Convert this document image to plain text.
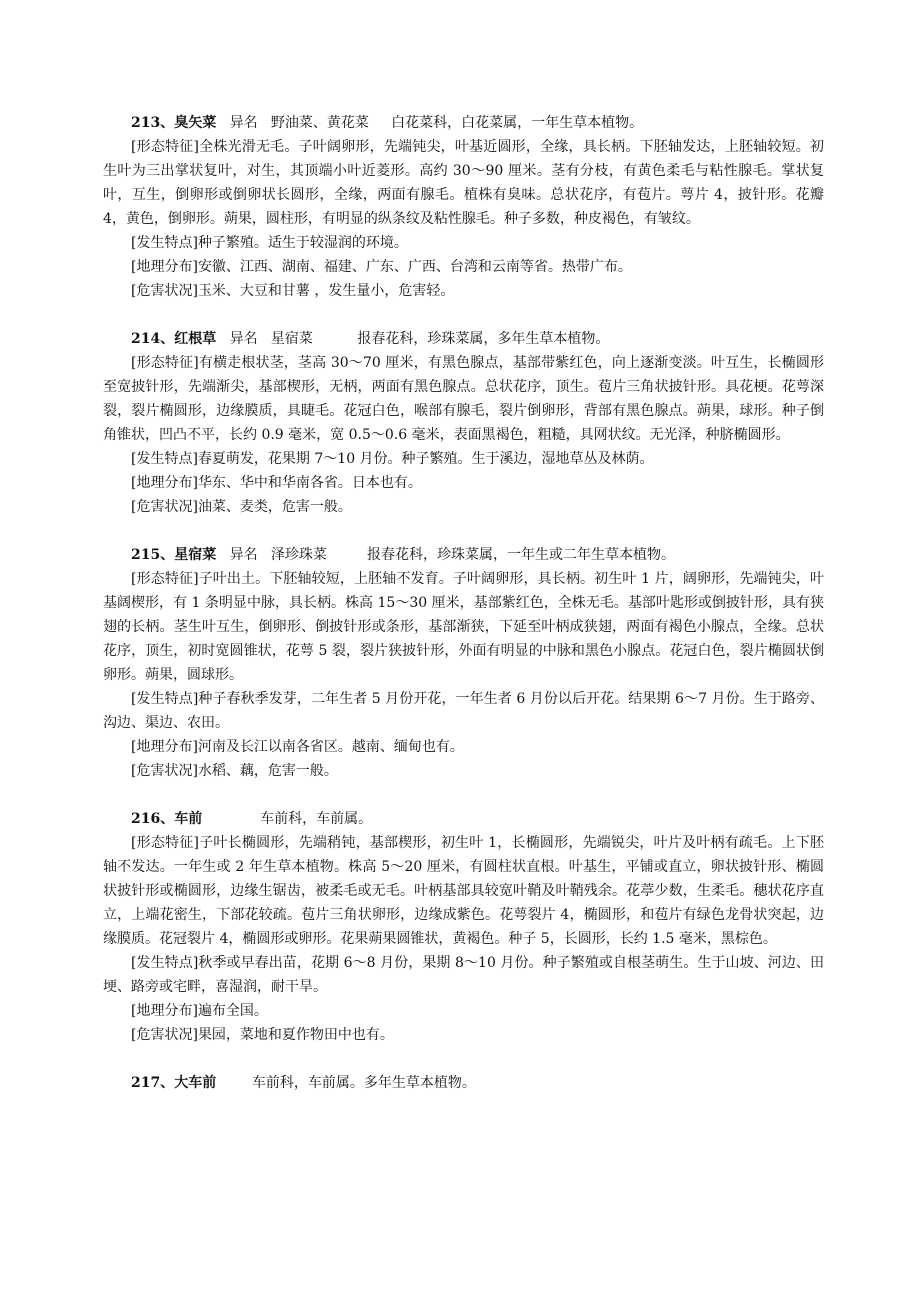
213、臭矢菜   异名   野油菜、黄花菜     白花菜科，白花菜属，一年生草本植物。

[形态特征]全株光滑无毛。子叶阔卵形，先端钝尖，叶基近圆形，全缘，具长柄。下胚轴发达，上胚轴较短。初生叶为三出掌状复叶，对生，其顶端小叶近菱形。高约 30～90 厘米。茎有分枝，有黄色柔毛与粘性腺毛。掌状复叶，互生，倒卵形或倒卵状长圆形，全缘，两面有腺毛。植株有臭味。总状花序，有苞片。萼片 4，披针形。花瓣 4，黄色，倒卵形。蒴果，圆柱形，有明显的纵条纹及粘性腺毛。种子多数，种皮褐色，有皱纹。

[发生特点]种子繁殖。适生于较湿润的环境。

[地理分布]安徽、江西、湖南、福建、广东、广西、台湾和云南等省。热带广布。

[危害状况]玉米、大豆和甘薯 ，发生量小，危害轻。

214、红根草   异名   星宿菜          报春花科，珍珠菜属，多年生草本植物。

[形态特征]有横走根状茎，茎高 30～70 厘米，有黑色腺点，基部带紫红色，向上逐渐变淡。叶互生，长椭圆形至宽披针形，先端渐尖，基部楔形，无柄，两面有黑色腺点。总状花序，顶生。苞片三角状披针形。具花梗。花萼深裂，裂片椭圆形，边缘膜质，具睫毛。花冠白色，喉部有腺毛，裂片倒卵形，背部有黑色腺点。蒴果，球形。种子倒角锥状，凹凸不平，长约 0.9 毫米，宽 0.5～0.6 毫米，表面黑褐色，粗糙，具网状纹。无光泽，种脐椭圆形。

[发生特点]春夏萌发，花果期 7～10 月份。种子繁殖。生于溪边，湿地草丛及林荫。

[地理分布]华东、华中和华南各省。日本也有。

[危害状况]油菜、麦类，危害一般。

215、星宿菜   异名   泽珍珠菜         报春花科，珍珠菜属，一年生或二年生草本植物。

[形态特征]子叶出土。下胚轴较短，上胚轴不发育。子叶阔卵形，具长柄。初生叶 1 片，阔卵形，先端钝尖，叶基阔楔形，有 1 条明显中脉，具长柄。株高 15～30 厘米，基部紫红色，全株无毛。基部叶匙形或倒披针形，具有狭翅的长柄。茎生叶互生，倒卵形、倒披针形或条形，基部渐狭，下延至叶柄成狭翅，两面有褐色小腺点，全缘。总状花序，顶生，初时宽圆锥状，花萼 5 裂，裂片狭披针形，外面有明显的中脉和黑色小腺点。花冠白色，裂片椭圆状倒卵形。蒴果，圆球形。

[发生特点]种子春秋季发芽，二年生者 5 月份开花，一年生者 6 月份以后开花。结果期 6～7 月份。生于路旁、沟边、渠边、农田。

[地理分布]河南及长江以南各省区。越南、缅甸也有。

[危害状况]水稻、藕，危害一般。

216、车前             车前科，车前属。

[形态特征]子叶长椭圆形，先端稍钝，基部楔形，初生叶 1，长椭圆形，先端锐尖，叶片及叶柄有疏毛。上下胚轴不发达。一年生或 2 年生草本植物。株高 5～20 厘米，有圆柱状直根。叶基生，平铺或直立，卵状披针形、椭圆状披针形或椭圆形，边缘生锯齿，被柔毛或无毛。叶柄基部具较宽叶鞘及叶鞘残余。花葶少数，生柔毛。穗状花序直立，上端花密生，下部花较疏。苞片三角状卵形，边缘成紫色。花萼裂片 4，椭圆形，和苞片有绿色龙骨状突起，边缘膜质。花冠裂片 4，椭圆形或卵形。花果蒴果圆锥状，黄褐色。种子 5，长圆形，长约 1.5 毫米，黑棕色。

[发生特点]秋季或早春出苗，花期 6～8 月份，果期 8～10 月份。种子繁殖或自根茎萌生。生于山坡、河边、田埂、路旁或宅畔，喜湿润，耐干旱。

[地理分布]遍布全国。

[危害状况]果园，菜地和夏作物田中也有。

217、大车前        车前科，车前属。多年生草本植物。
